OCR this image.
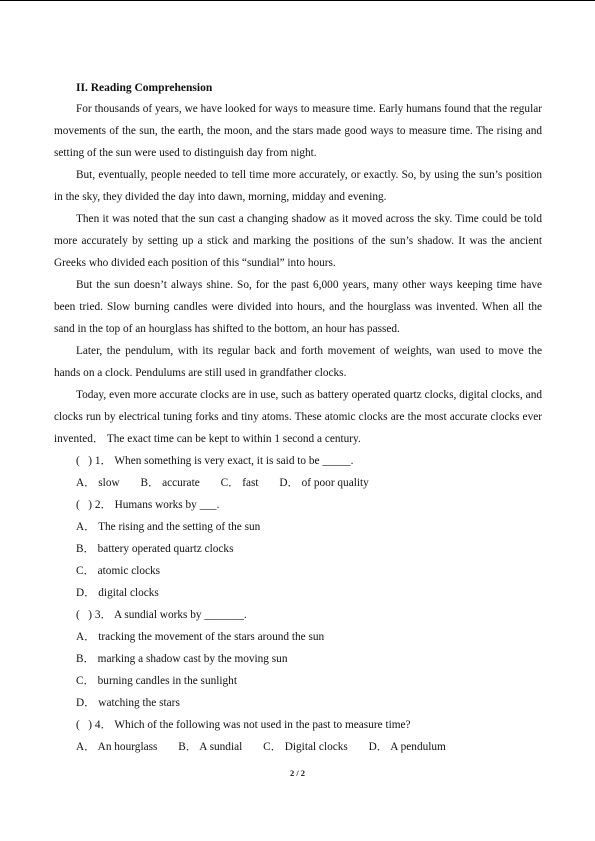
II. Reading Comprehension

For thousands of years, we have looked for ways to measure time. Early humans found that the regular movements of the sun, the earth, the moon, and the stars made good ways to measure time. The rising and setting of the sun were used to distinguish day from night.

But, eventually, people needed to tell time more accurately, or exactly. So, by using the sun’s position in the sky, they divided the day into dawn, morning, midday and evening.

Then it was noted that the sun cast a changing shadow as it moved across the sky. Time could be told more accurately by setting up a stick and marking the positions of the sun’s shadow. It was the ancient Greeks who divided each position of this “sundial” into hours.

But the sun doesn’t always shine. So, for the past 6,000 years, many other ways keeping time have been tried. Slow burning candles were divided into hours, and the hourglass was invented. When all the sand in the top of an hourglass has shifted to the bottom, an hour has passed.

Later, the pendulum, with its regular back and forth movement of weights, wan used to move the hands on a clock. Pendulums are still used in grandfather clocks.

Today, even more accurate clocks are in use, such as battery operated quartz clocks, digital clocks, and clocks run by electrical tuning forks and tiny atoms. These atomic clocks are the most accurate clocks ever invented． The exact time can be kept to within 1 second a century.

(   ) 1． When something is very exact, it is said to be _____.

A． slow B． accurate C． fast D． of poor quality

(   ) 2． Humans works by ___.

A． The rising and the setting of the sun

B． battery operated quartz clocks

C． atomic clocks

D． digital clocks

(   ) 3． A sundial works by _______.

A． tracking the movement of the stars around the sun

B． marking a shadow cast by the moving sun

C． burning candles in the sunlight

D． watching the stars

(   ) 4． Which of the following was not used in the past to measure time?

A． An hourglass B． A sundial C． Digital clocks D． A pendulum

2 / 2
